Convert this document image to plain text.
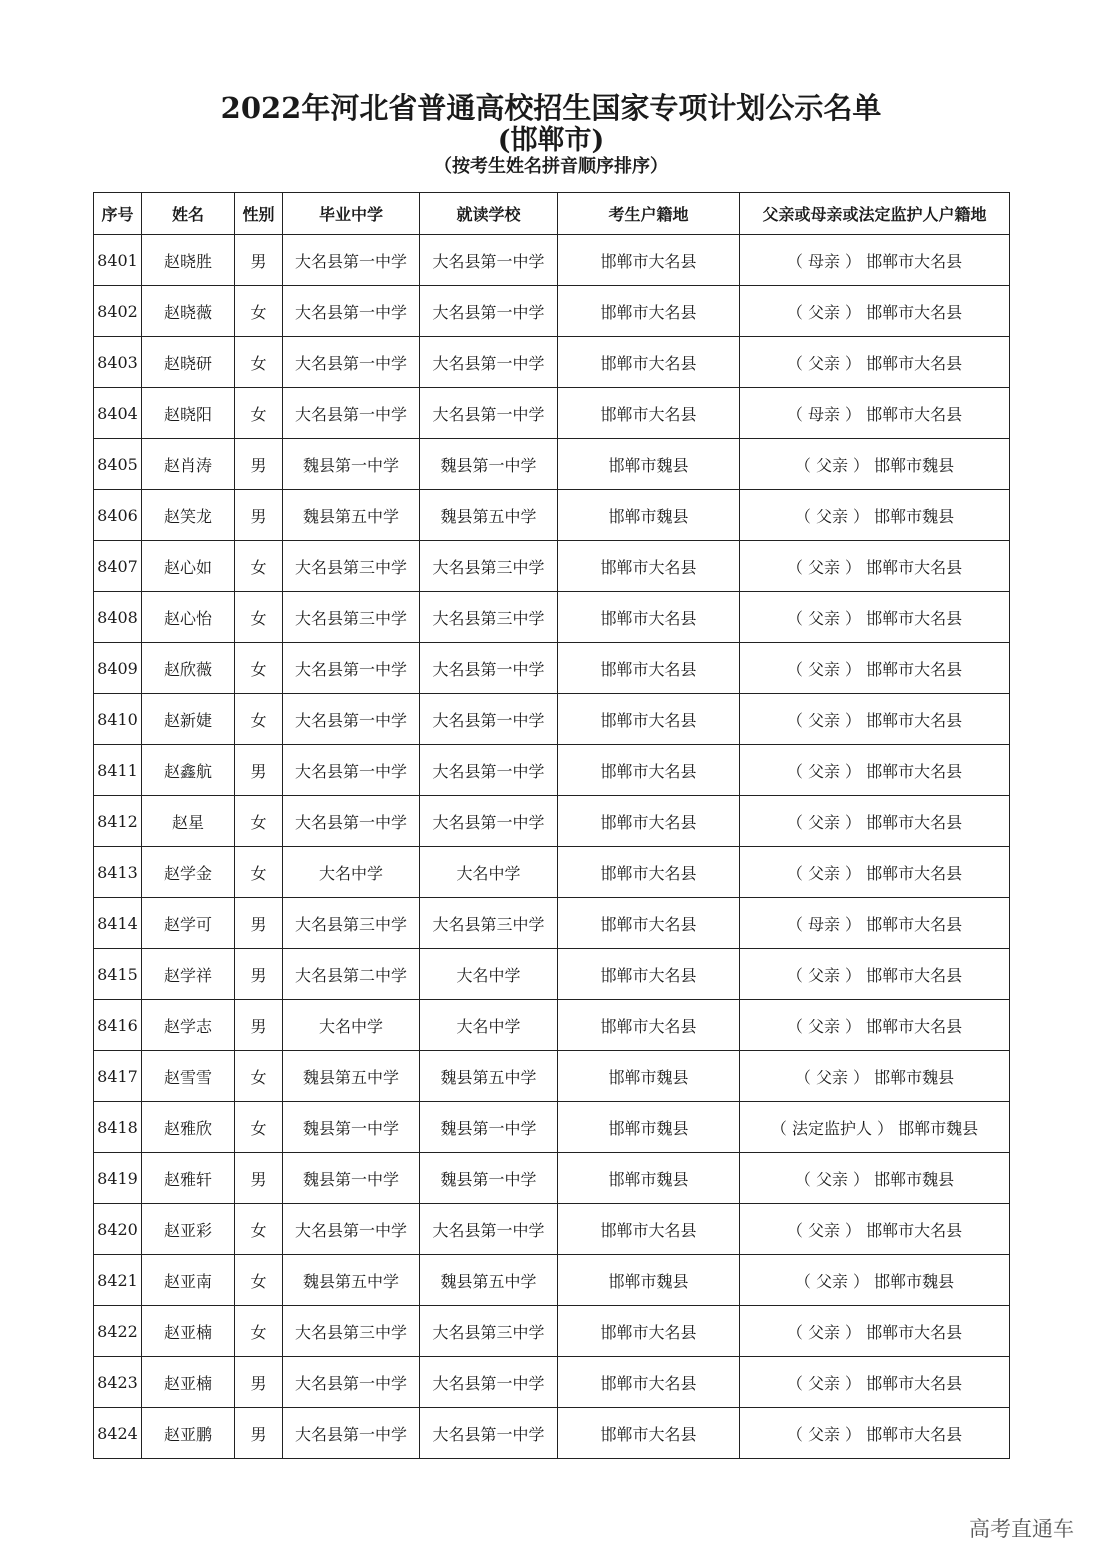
2022年河北省普通高校招生国家专项计划公示名单
(邯郸市)
（按考生姓名拼音顺序排序）
序号	姓名	性别	毕业中学	就读学校	考生户籍地	父亲或母亲或法定监护人户籍地
8401	赵晓胜	男	大名县第一中学	大名县第一中学	邯郸市大名县	（ 母亲 ） 邯郸市大名县
8402	赵晓薇	女	大名县第一中学	大名县第一中学	邯郸市大名县	（ 父亲 ） 邯郸市大名县
8403	赵晓研	女	大名县第一中学	大名县第一中学	邯郸市大名县	（ 父亲 ） 邯郸市大名县
8404	赵晓阳	女	大名县第一中学	大名县第一中学	邯郸市大名县	（ 母亲 ） 邯郸市大名县
8405	赵肖涛	男	魏县第一中学	魏县第一中学	邯郸市魏县	（ 父亲 ） 邯郸市魏县
8406	赵笑龙	男	魏县第五中学	魏县第五中学	邯郸市魏县	（ 父亲 ） 邯郸市魏县
8407	赵心如	女	大名县第三中学	大名县第三中学	邯郸市大名县	（ 父亲 ） 邯郸市大名县
8408	赵心怡	女	大名县第三中学	大名县第三中学	邯郸市大名县	（ 父亲 ） 邯郸市大名县
8409	赵欣薇	女	大名县第一中学	大名县第一中学	邯郸市大名县	（ 父亲 ） 邯郸市大名县
8410	赵新婕	女	大名县第一中学	大名县第一中学	邯郸市大名县	（ 父亲 ） 邯郸市大名县
8411	赵鑫航	男	大名县第一中学	大名县第一中学	邯郸市大名县	（ 父亲 ） 邯郸市大名县
8412	赵星	女	大名县第一中学	大名县第一中学	邯郸市大名县	（ 父亲 ） 邯郸市大名县
8413	赵学金	女	大名中学	大名中学	邯郸市大名县	（ 父亲 ） 邯郸市大名县
8414	赵学可	男	大名县第三中学	大名县第三中学	邯郸市大名县	（ 母亲 ） 邯郸市大名县
8415	赵学祥	男	大名县第二中学	大名中学	邯郸市大名县	（ 父亲 ） 邯郸市大名县
8416	赵学志	男	大名中学	大名中学	邯郸市大名县	（ 父亲 ） 邯郸市大名县
8417	赵雪雪	女	魏县第五中学	魏县第五中学	邯郸市魏县	（ 父亲 ） 邯郸市魏县
8418	赵雅欣	女	魏县第一中学	魏县第一中学	邯郸市魏县	（ 法定监护人 ） 邯郸市魏县
8419	赵雅轩	男	魏县第一中学	魏县第一中学	邯郸市魏县	（ 父亲 ） 邯郸市魏县
8420	赵亚彩	女	大名县第一中学	大名县第一中学	邯郸市大名县	（ 父亲 ） 邯郸市大名县
8421	赵亚南	女	魏县第五中学	魏县第五中学	邯郸市魏县	（ 父亲 ） 邯郸市魏县
8422	赵亚楠	女	大名县第三中学	大名县第三中学	邯郸市大名县	（ 父亲 ） 邯郸市大名县
8423	赵亚楠	男	大名县第一中学	大名县第一中学	邯郸市大名县	（ 父亲 ） 邯郸市大名县
8424	赵亚鹏	男	大名县第一中学	大名县第一中学	邯郸市大名县	（ 父亲 ） 邯郸市大名县
高考直通车
